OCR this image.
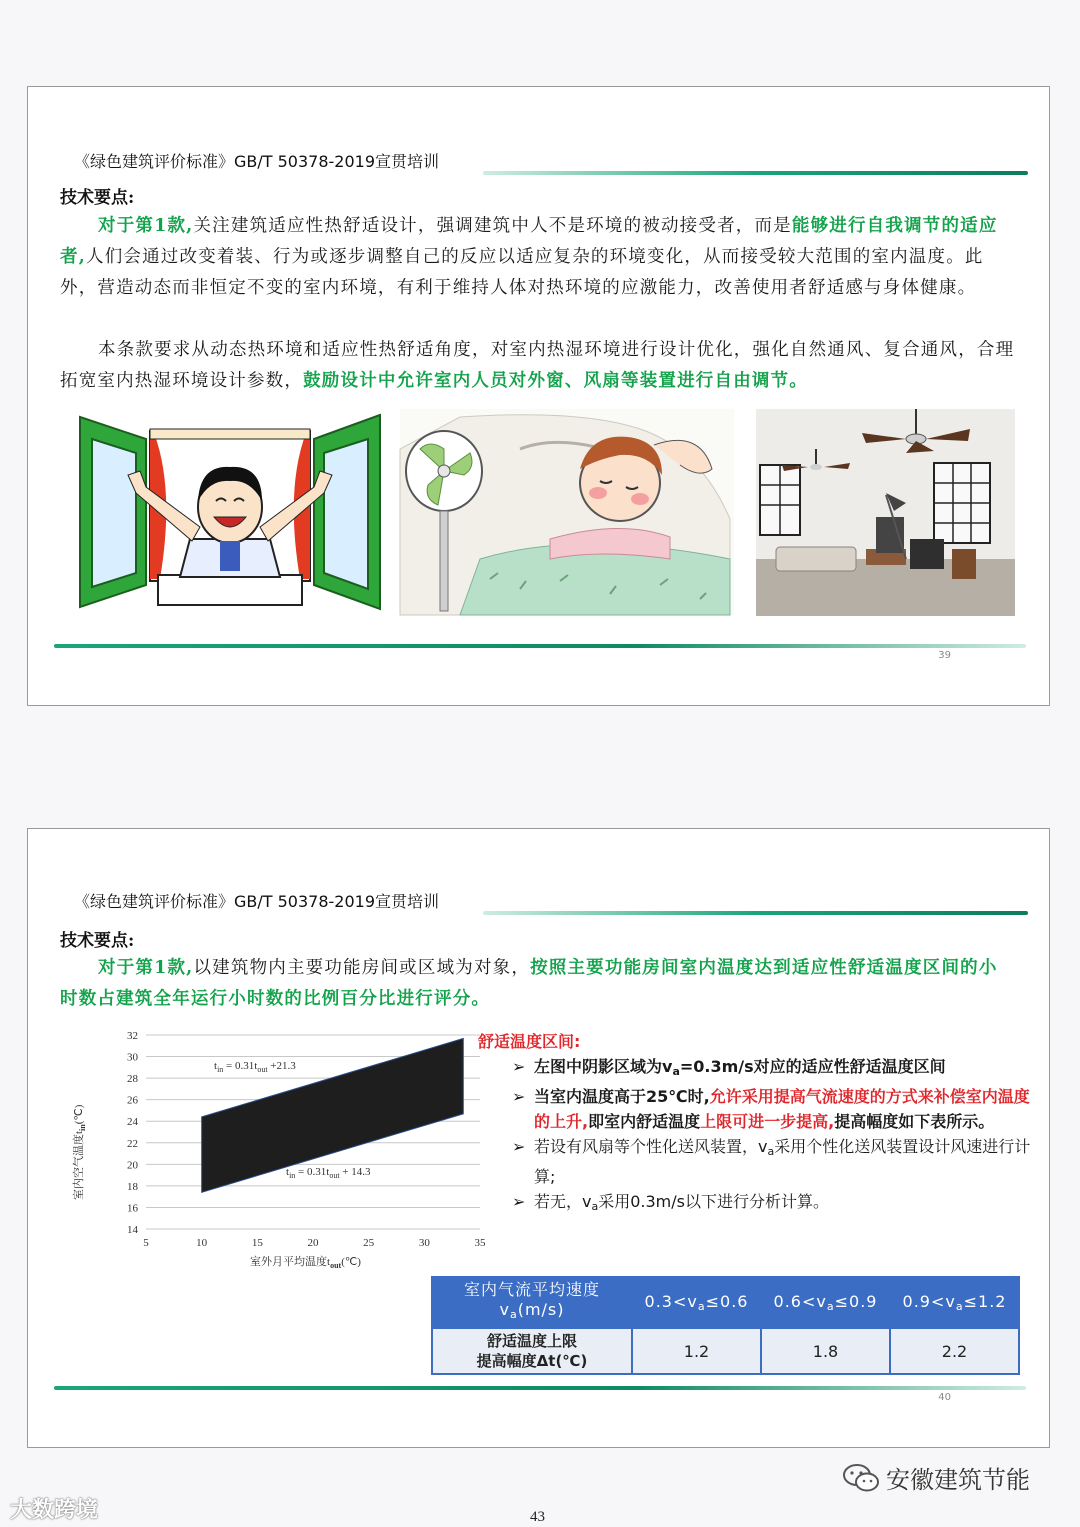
《绿色建筑评价标准》GB/T 50378-2019宣贯培训
技术要点:
对于第1款,关注建筑适应性热舒适设计，强调建筑中人不是环境的被动接受者，而是能够进行自我调节的适应者,人们会通过改变着装、行为或逐步调整自己的反应以适应复杂的环境变化，从而接受较大范围的室内温度。此外，营造动态而非恒定不变的室内环境，有利于维持人体对热环境的应激能力，改善使用者舒适感与身体健康。
本条款要求从动态热环境和适应性热舒适角度，对室内热湿环境进行设计优化，强化自然通风、复合通风，合理拓宽室内热湿环境设计参数，鼓励设计中允许室内人员对外窗、风扇等装置进行自由调节。
39
《绿色建筑评价标准》GB/T 50378-2019宣贯培训
技术要点:
对于第1款,以建筑物内主要功能房间或区域为对象，按照主要功能房间室内温度达到适应性舒适温度区间的小时数占建筑全年运行小时数的比例百分比进行评分。
14
16
18
20
22
24
26
28
30
32
5	10	15	20	25	30	35
$t_{in} = 0.31t_{out} +21.3$
$t_{in} = 0.31t_{out} + 14.3$
室外月平均温度$t_{out}(℃)$
室内空气温度$t_{in}(℃)$
舒适温度区间:
➢ 左图中阴影区域为$v_a=0.3m/s$对应的适应性舒适温度区间
➢ 当室内温度高于25℃时,允许采用提高气流速度的方式来补偿室内温度的上升,即室内舒适温度上限可进一步提高,提高幅度如下表所示。
➢ 若设有风扇等个性化送风装置，$v_a$采用个性化送风装置设计风速进行计算;
➢ 若无，$v_a$采用0.3m/s以下进行分析计算。
室内气流平均速度
$v_a(m/s)$	$0.3<v_a\le 0.6$	$0.6<v_a\le 0.9$	$0.9<v_a\le 1.2$
舒适温度上限
提高幅度Δt(℃)	1.2	1.8	2.2
40
43
大数跨境
安徽建筑节能
